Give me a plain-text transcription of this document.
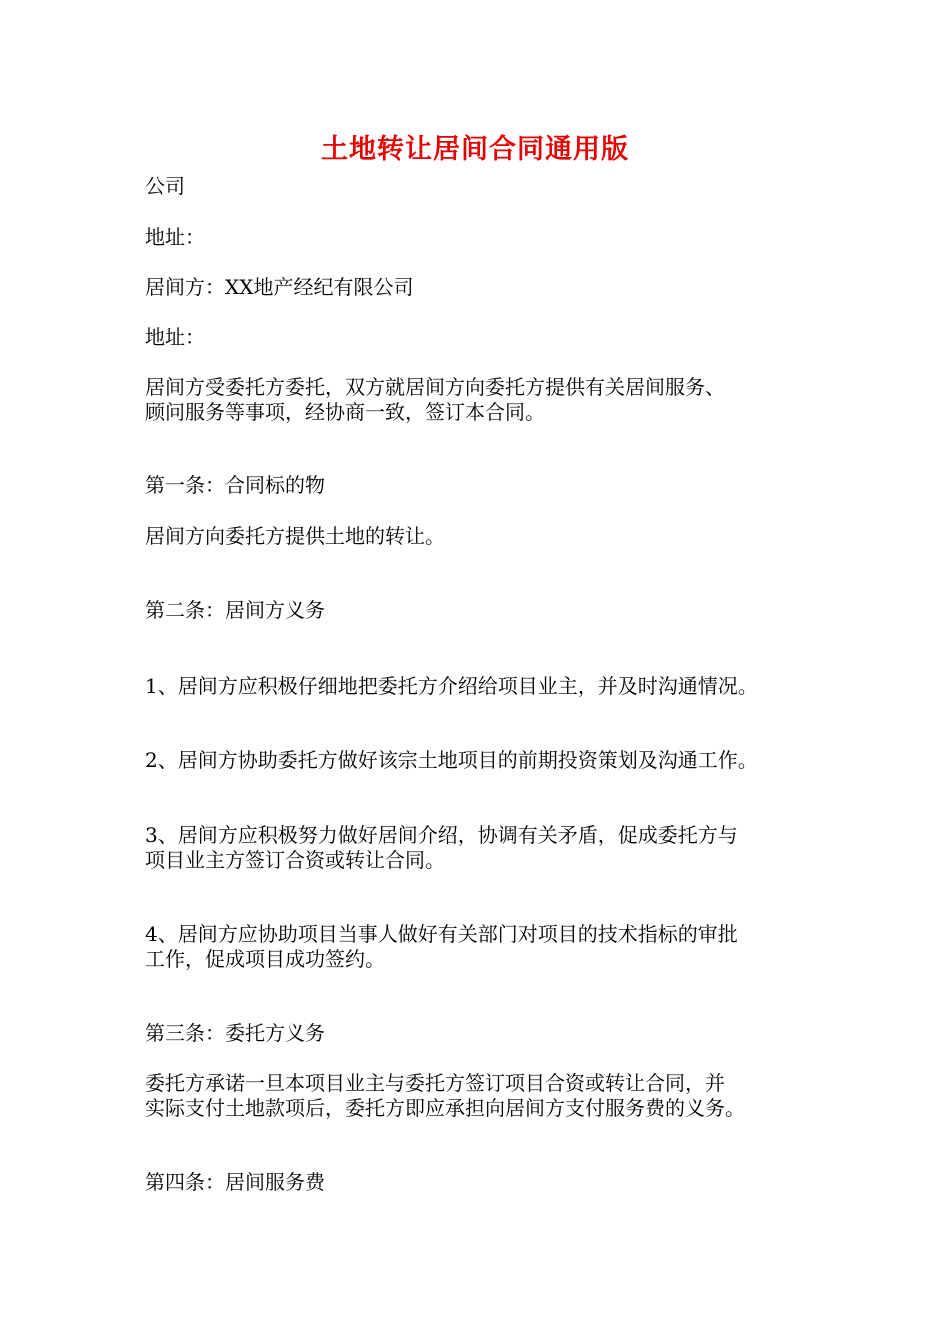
土地转让居间合同通用版
公司
地址：
居间方：XX地产经纪有限公司
地址：
居间方受委托方委托，双方就居间方向委托方提供有关居间服务、
顾问服务等事项，经协商一致，签订本合同。
第一条：合同标的物
居间方向委托方提供土地的转让。
第二条：居间方义务
1、居间方应积极仔细地把委托方介绍给项目业主，并及时沟通情况。
2、居间方协助委托方做好该宗土地项目的前期投资策划及沟通工作。
3、居间方应积极努力做好居间介绍，协调有关矛盾，促成委托方与
项目业主方签订合资或转让合同。
4、居间方应协助项目当事人做好有关部门对项目的技术指标的审批
工作，促成项目成功签约。
第三条：委托方义务
委托方承诺一旦本项目业主与委托方签订项目合资或转让合同，并
实际支付土地款项后，委托方即应承担向居间方支付服务费的义务。
第四条：居间服务费
